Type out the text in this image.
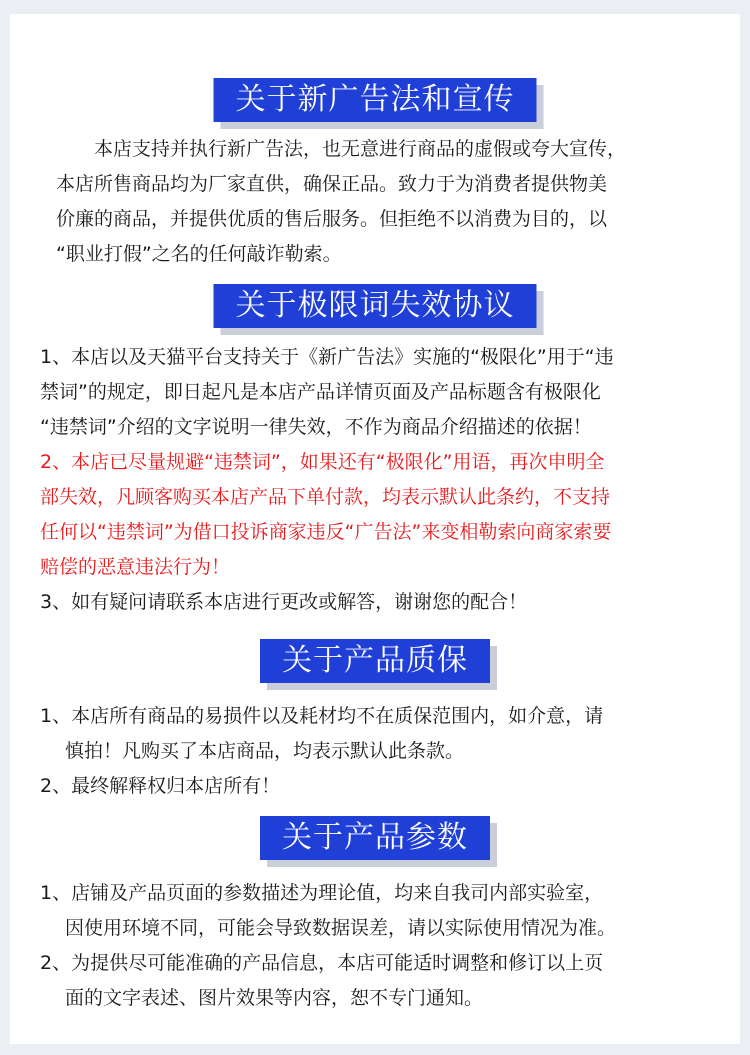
关于新广告法和宣传
本店支持并执行新广告法，也无意进行商品的虚假或夸大宣传，
本店所售商品均为厂家直供，确保正品。致力于为消费者提供物美
价廉的商品，并提供优质的售后服务。但拒绝不以消费为目的，以
“职业打假”之名的任何敲诈勒索。
关于极限词失效协议
1、本店以及天猫平台支持关于《新广告法》实施的“极限化”用于“违
禁词”的规定，即日起凡是本店产品详情页面及产品标题含有极限化
“违禁词”介绍的文字说明一律失效，不作为商品介绍描述的依据！
2、本店已尽量规避“违禁词”，如果还有“极限化”用语，再次申明全
部失效，凡顾客购买本店产品下单付款，均表示默认此条约，不支持
任何以“违禁词”为借口投诉商家违反“广告法”来变相勒索向商家索要
赔偿的恶意违法行为！
3、如有疑问请联系本店进行更改或解答，谢谢您的配合！
关于产品质保
1、本店所有商品的易损件以及耗材均不在质保范围内，如介意，请
　 慎拍！凡购买了本店商品，均表示默认此条款。
2、最终解释权归本店所有！
关于产品参数
1、店铺及产品页面的参数描述为理论值，均来自我司内部实验室，
　 因使用环境不同，可能会导致数据误差，请以实际使用情况为准。
2、为提供尽可能准确的产品信息，本店可能适时调整和修订以上页
　 面的文字表述、图片效果等内容，恕不专门通知。
